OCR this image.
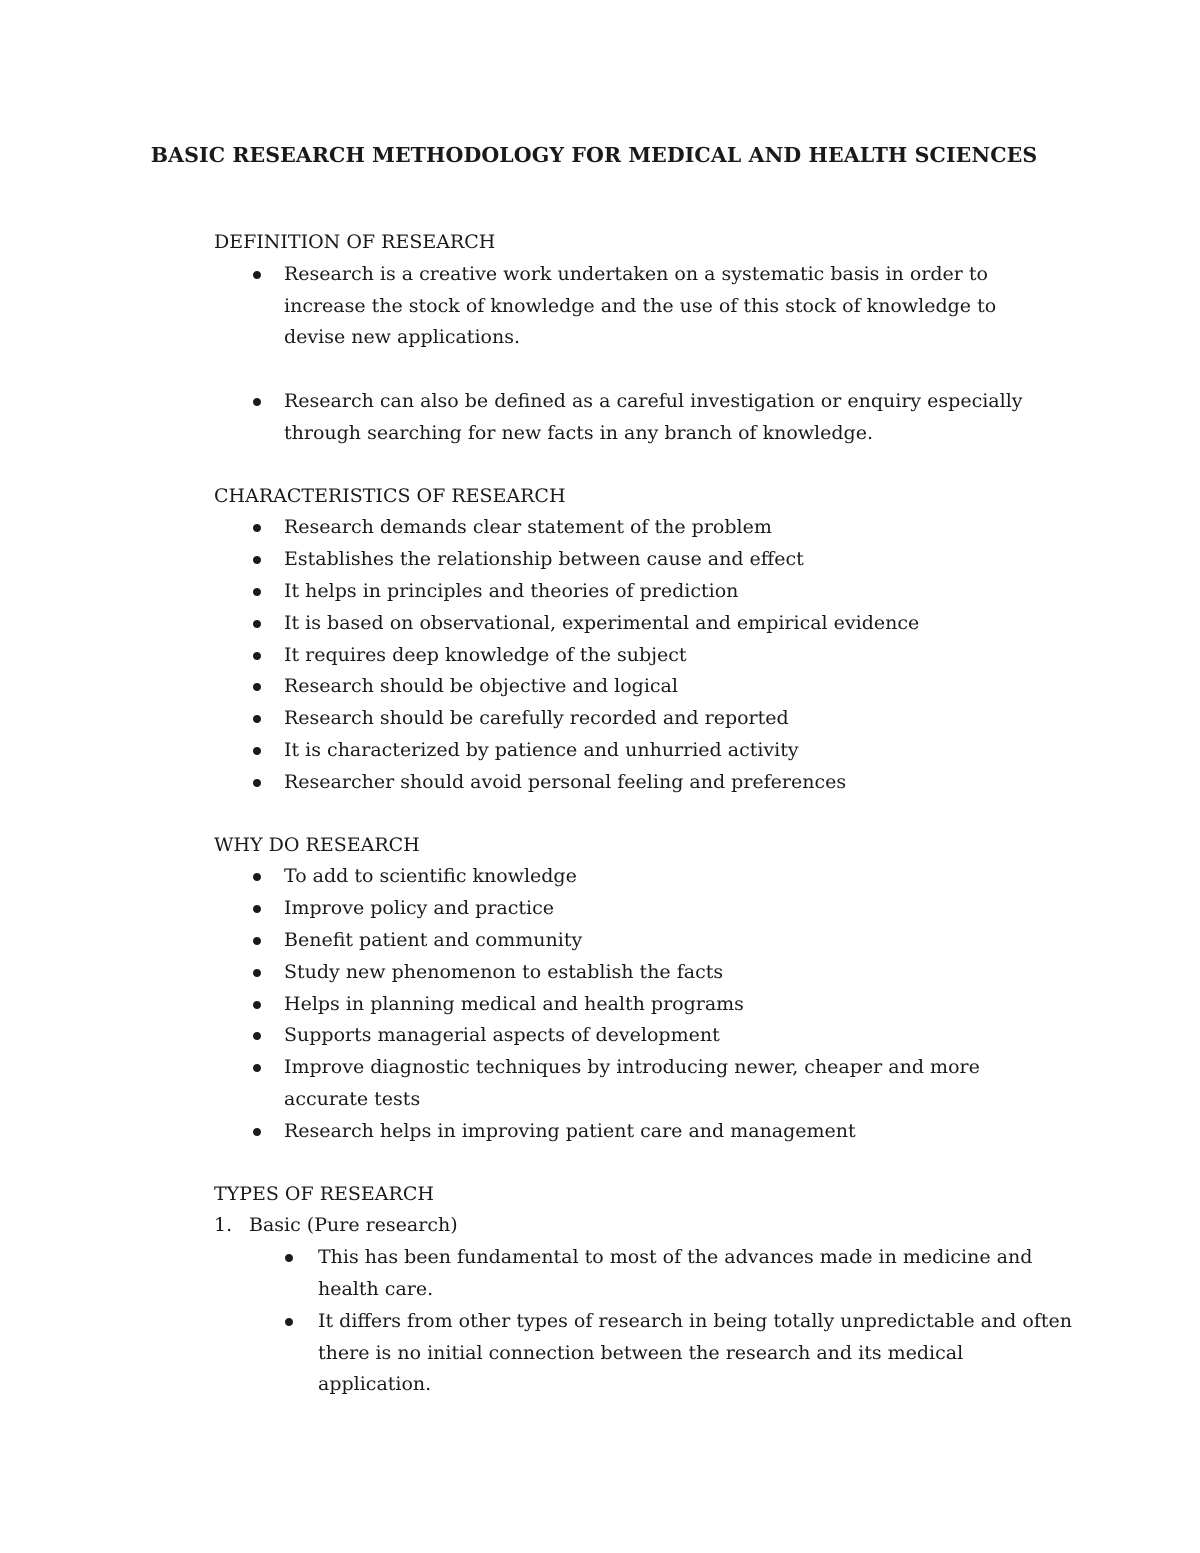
BASIC RESEARCH METHODOLOGY FOR MEDICAL AND HEALTH SCIENCES

DEFINITION OF RESEARCH

Research is a creative work undertaken on a systematic basis in order to increase the stock of knowledge and the use of this stock of knowledge to devise new applications.
Research can also be defined as a careful investigation or enquiry especially through searching for new facts in any branch of knowledge.

CHARACTERISTICS OF RESEARCH

Research demands clear statement of the problem
Establishes the relationship between cause and effect
It helps in principles and theories of prediction
It is based on observational, experimental and empirical evidence
It requires deep knowledge of the subject
Research should be objective and logical
Research should be carefully recorded and reported
It is characterized by patience and unhurried activity
Researcher should avoid personal feeling and preferences

WHY DO RESEARCH

To add to scientific knowledge
Improve policy and practice
Benefit patient and community
Study new phenomenon to establish the facts
Helps in planning medical and health programs
Supports managerial aspects of development
Improve diagnostic techniques by introducing newer, cheaper and more accurate tests
Research helps in improving patient care and management

TYPES OF RESEARCH

1. Basic (Pure research)
This has been fundamental to most of the advances made in medicine and health care.
It differs from other types of research in being totally unpredictable and often there is no initial connection between the research and its medical application.
